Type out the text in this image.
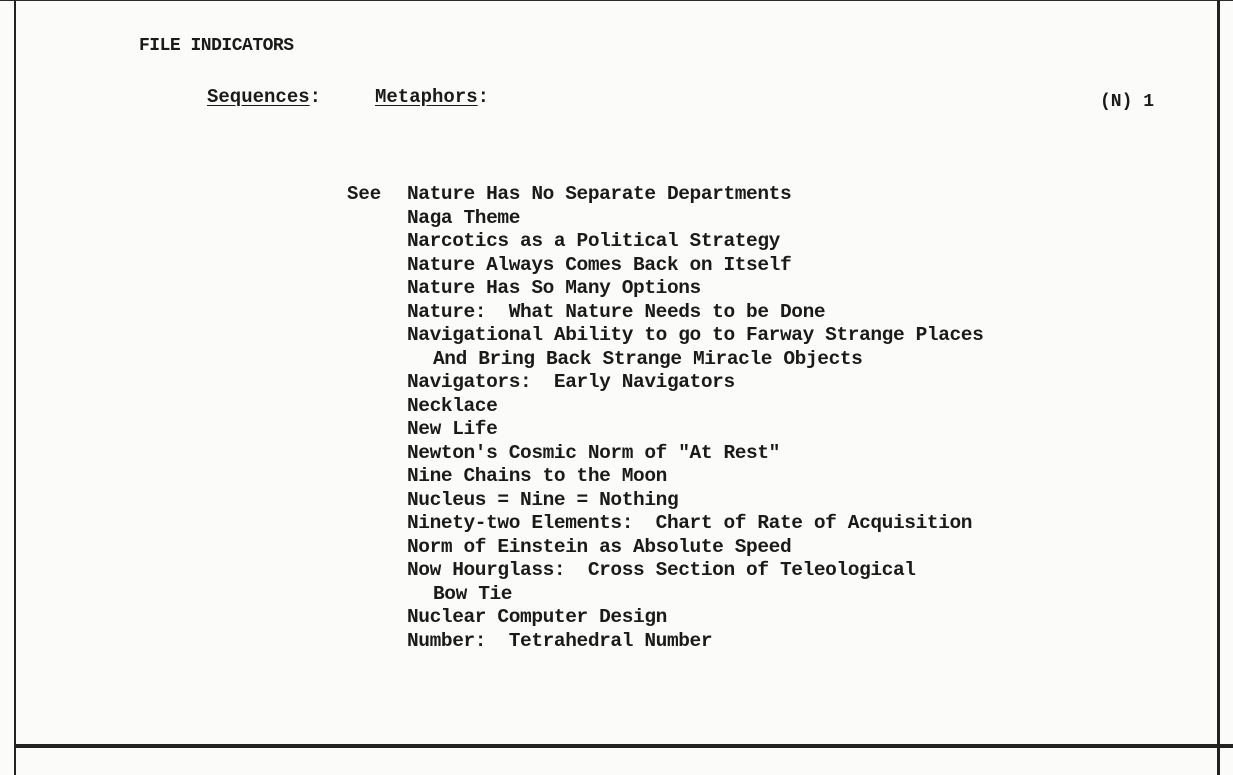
FILE INDICATORS
Sequences:	Metaphors:	(N) 1
See Nature Has No Separate Departments
Naga Theme
Narcotics as a Political Strategy
Nature Always Comes Back on Itself
Nature Has So Many Options
Nature:  What Nature Needs to be Done
Navigational Ability to go to Farway Strange Places
And Bring Back Strange Miracle Objects
Navigators:  Early Navigators
Necklace
New Life
Newton's Cosmic Norm of "At Rest"
Nine Chains to the Moon
Nucleus = Nine = Nothing
Ninety-two Elements:  Chart of Rate of Acquisition
Norm of Einstein as Absolute Speed
Now Hourglass:  Cross Section of Teleological
Bow Tie
Nuclear Computer Design
Number:  Tetrahedral Number
